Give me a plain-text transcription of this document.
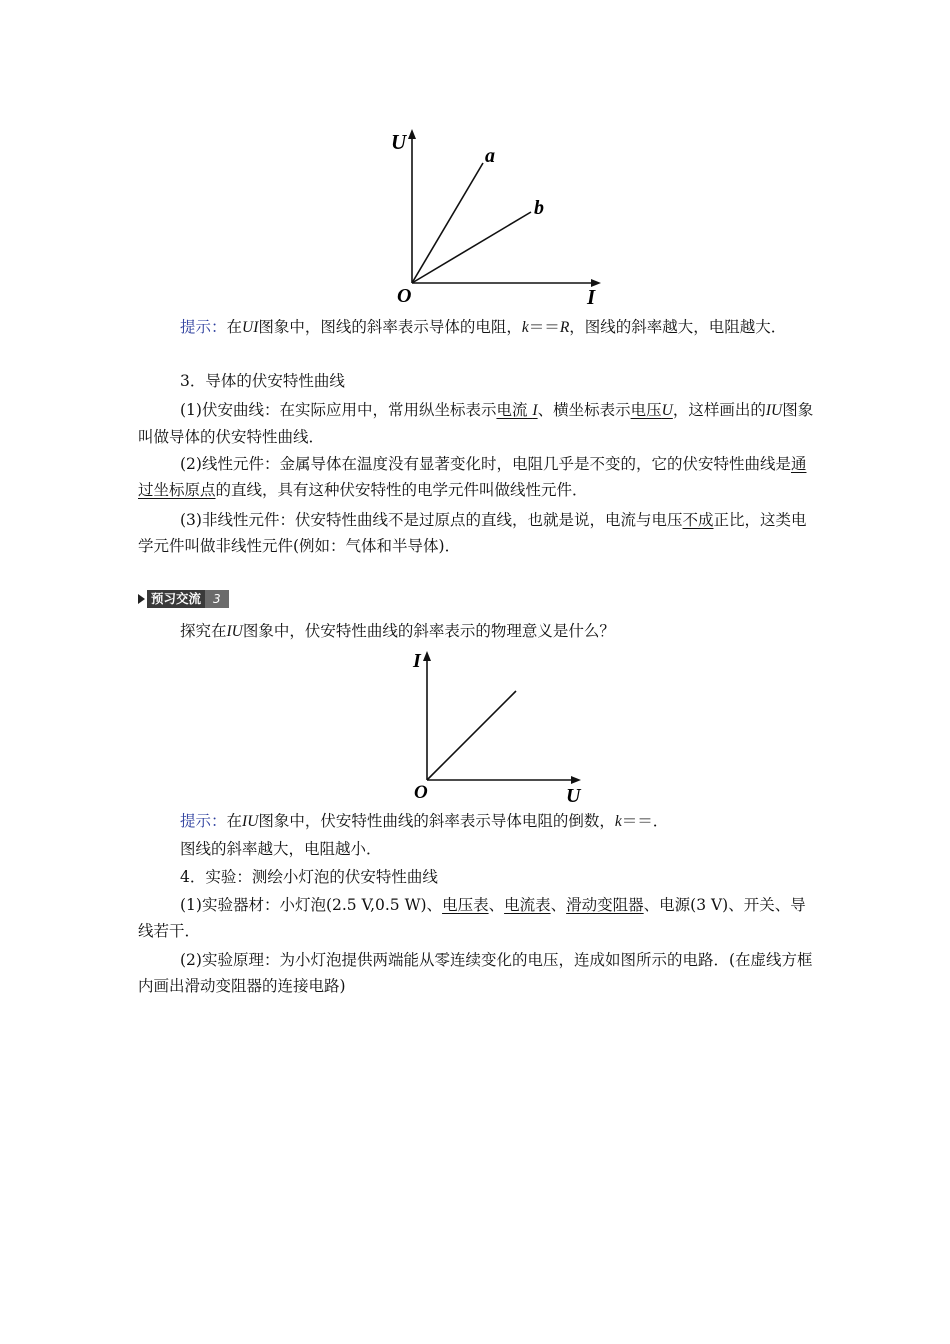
U
I
O
a
b

提示：在UI图象中，图线的斜率表示导体的电阻，k＝＝R，图线的斜率越大，电阻越大．

3．导体的伏安特性曲线

(1)伏安曲线：在实际应用中，常用纵坐标表示电流 I、横坐标表示电压U，这样画出的IU图象叫做导体的伏安特性曲线．

(2)线性元件：金属导体在温度没有显著变化时，电阻几乎是不变的，它的伏安特性曲线是通过坐标原点的直线，具有这种伏安特性的电学元件叫做线性元件．

(3)非线性元件：伏安特性曲线不是过原点的直线，也就是说，电流与电压不成正比，这类电学元件叫做非线性元件(例如：气体和半导体)．

预习交流	3

探究在IU图象中，伏安特性曲线的斜率表示的物理意义是什么？

I
U
O

提示：在IU图象中，伏安特性曲线的斜率表示导体电阻的倒数，k＝＝．

图线的斜率越大，电阻越小．

4．实验：测绘小灯泡的伏安特性曲线

(1)实验器材：小灯泡(2.5 V,0.5 W)、电压表、电流表、滑动变阻器、电源(3 V)、开关、导线若干．

(2)实验原理：为小灯泡提供两端能从零连续变化的电压，连成如图所示的电路．(在虚线方框内画出滑动变阻器的连接电路)
